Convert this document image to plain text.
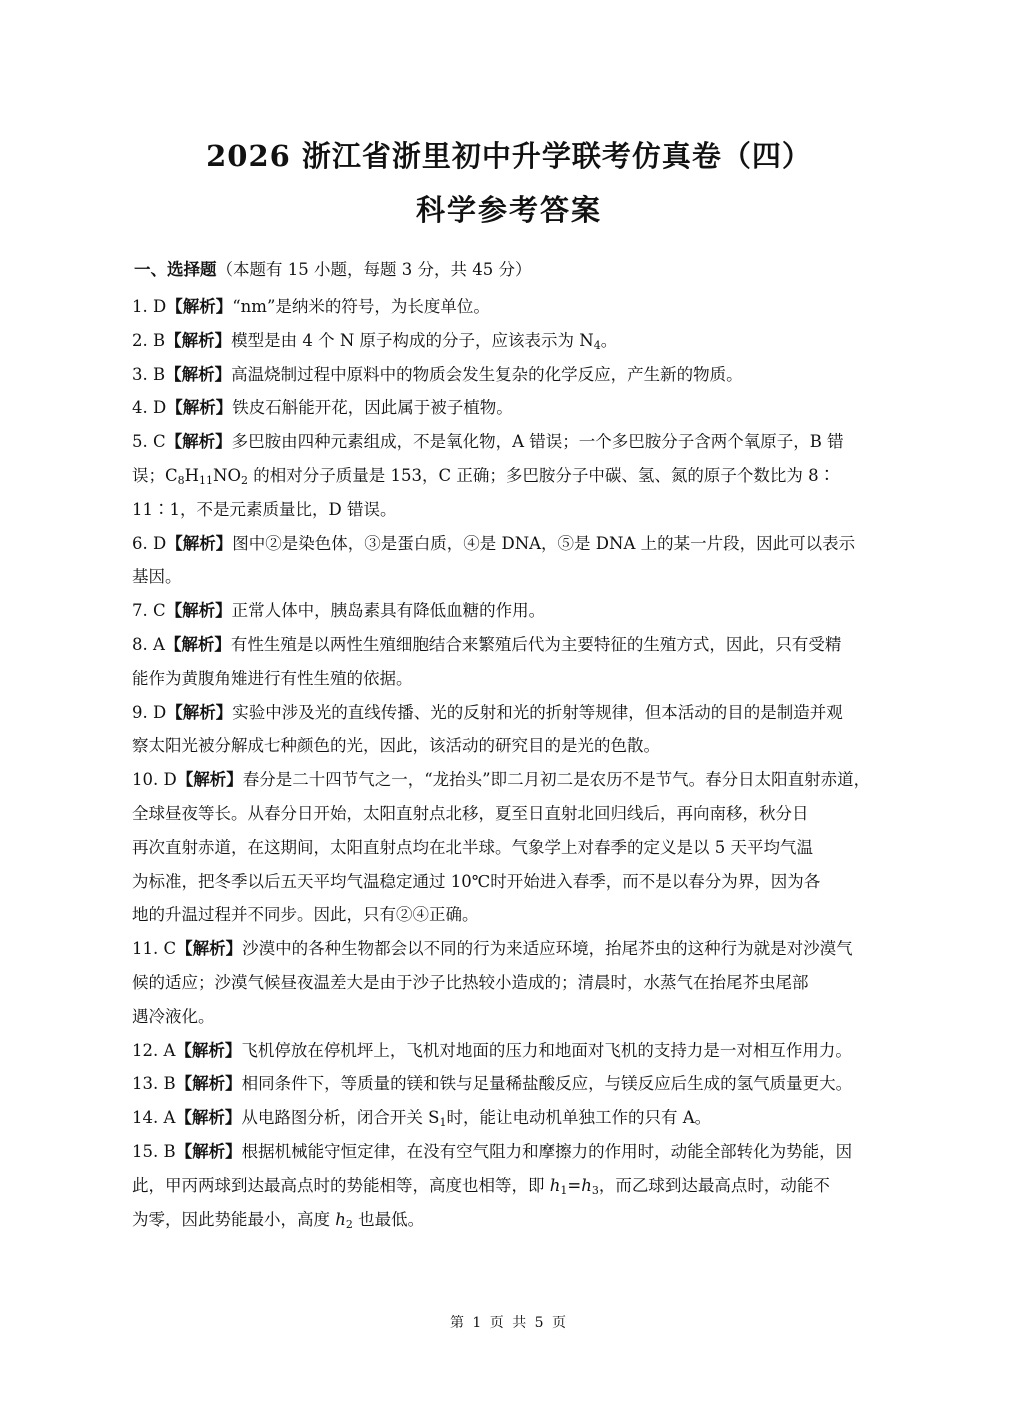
2026 浙江省浙里初中升学联考仿真卷（四）
科学参考答案
一、选择题（本题有 15 小题，每题 3 分，共 45 分）
1. D【解析】“nm”是纳米的符号，为长度单位。
2. B【解析】模型是由 4 个 N 原子构成的分子，应该表示为 $N_4$。
3. B【解析】高温烧制过程中原料中的物质会发生复杂的化学反应，产生新的物质。
4. D【解析】铁皮石斛能开花，因此属于被子植物。
5. C【解析】多巴胺由四种元素组成，不是氧化物，A 错误；一个多巴胺分子含两个氧原子，B 错
误；$C_8H_{11}NO_2$ 的相对分子质量是 153，C 正确；多巴胺分子中碳、氢、氮的原子个数比为 8∶
11∶1，不是元素质量比，D 错误。
6. D【解析】图中②是染色体，③是蛋白质，④是 DNA，⑤是 DNA 上的某一片段，因此可以表示
基因。
7. C【解析】正常人体中，胰岛素具有降低血糖的作用。
8. A【解析】有性生殖是以两性生殖细胞结合来繁殖后代为主要特征的生殖方式，因此，只有受精
能作为黄腹角雉进行有性生殖的依据。
9. D【解析】实验中涉及光的直线传播、光的反射和光的折射等规律，但本活动的目的是制造并观
察太阳光被分解成七种颜色的光，因此，该活动的研究目的是光的色散。
10. D【解析】春分是二十四节气之一，“龙抬头”即二月初二是农历不是节气。春分日太阳直射赤道，
全球昼夜等长。从春分日开始，太阳直射点北移，夏至日直射北回归线后，再向南移，秋分日
再次直射赤道，在这期间，太阳直射点均在北半球。气象学上对春季的定义是以 5 天平均气温
为标准，把冬季以后五天平均气温稳定通过 10℃时开始进入春季，而不是以春分为界，因为各
地的升温过程并不同步。因此，只有②④正确。
11. C【解析】沙漠中的各种生物都会以不同的行为来适应环境，抬尾芥虫的这种行为就是对沙漠气
候的适应；沙漠气候昼夜温差大是由于沙子比热较小造成的；清晨时，水蒸气在抬尾芥虫尾部
遇冷液化。
12. A【解析】飞机停放在停机坪上，飞机对地面的压力和地面对飞机的支持力是一对相互作用力。
13. B【解析】相同条件下，等质量的镁和铁与足量稀盐酸反应，与镁反应后生成的氢气质量更大。
14. A【解析】从电路图分析，闭合开关 $S_1$时，能让电动机单独工作的只有 A。
15. B【解析】根据机械能守恒定律，在没有空气阻力和摩擦力的作用时，动能全部转化为势能，因
此，甲丙两球到达最高点时的势能相等，高度也相等，即 $h_1=h_3$，而乙球到达最高点时，动能不
为零，因此势能最小，高度 $h_2$ 也最低。
第 1 页 共 5 页
